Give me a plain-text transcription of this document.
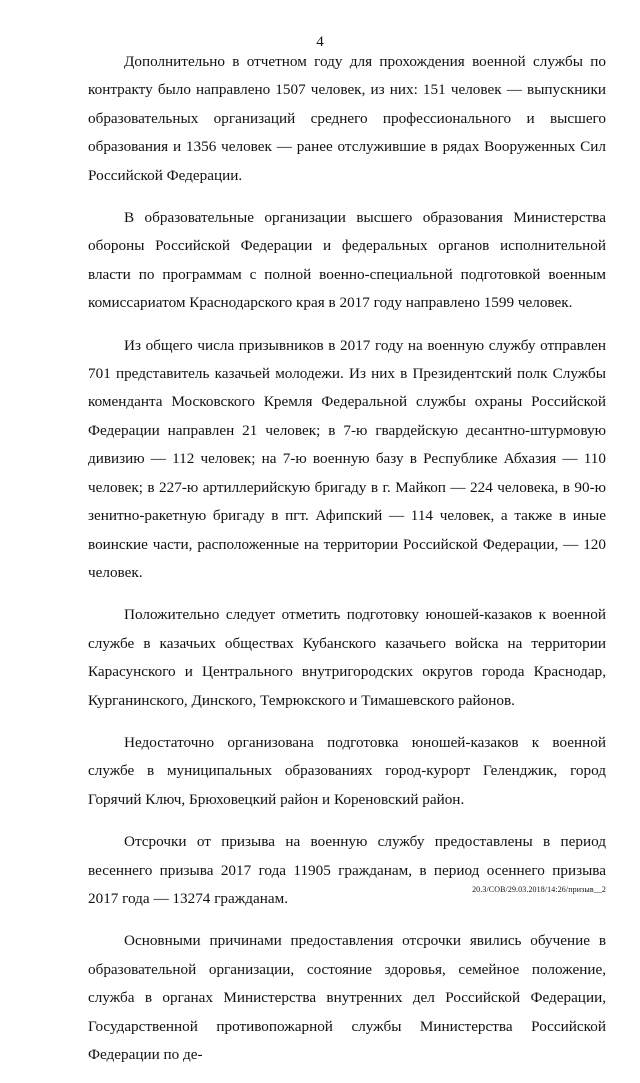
4

Дополнительно в отчетном году для прохождения военной службы по контракту было направлено 1507 человек, из них: 151 человек — выпускники образовательных организаций среднего профессионального и высшего образования и 1356 человек — ранее отслужившие в рядах Вооруженных Сил Российской Федерации.

В образовательные организации высшего образования Министерства обороны Российской Федерации и федеральных органов исполнительной власти по программам с полной военно-специальной подготовкой военным комиссариатом Краснодарского края в 2017 году направлено 1599 человек.

Из общего числа призывников в 2017 году на военную службу отправлен 701 представитель казачьей молодежи. Из них в Президентский полк Службы коменданта Московского Кремля Федеральной службы охраны Российской Федерации направлен 21 человек; в 7-ю гвардейскую десантно-штурмовую дивизию — 112 человек; на 7-ю военную базу в Республике Абхазия — 110 человек; в 227-ю артиллерийскую бригаду в г. Майкоп — 224 человека, в 90-ю зенитно-ракетную бригаду в пгт. Афипский — 114 человек, а также в иные воинские части, расположенные на территории Российской Федерации, — 120 человек.

Положительно следует отметить подготовку юношей-казаков к военной службе в казачьих обществах Кубанского казачьего войска на территории Карасунского и Центрального внутригородских округов города Краснодар, Курганинского, Динского, Темрюкского и Тимашевского районов.

Недостаточно организована подготовка юношей-казаков к военной службе в муниципальных образованиях город-курорт Геленджик, город Горячий Ключ, Брюховецкий район и Кореновский район.

Отсрочки от призыва на военную службу предоставлены в период весеннего призыва 2017 года 11905 гражданам, в период осеннего призыва 2017 года — 13274 гражданам.

Основными причинами предоставления отсрочки явились обучение в образовательной организации, состояние здоровья, семейное положение, служба в органах Министерства внутренних дел Российской Федерации, Государственной противопожарной службы Министерства Российской Федерации по де-

20.3/СОВ/29.03.2018/14:26/призыв__2
